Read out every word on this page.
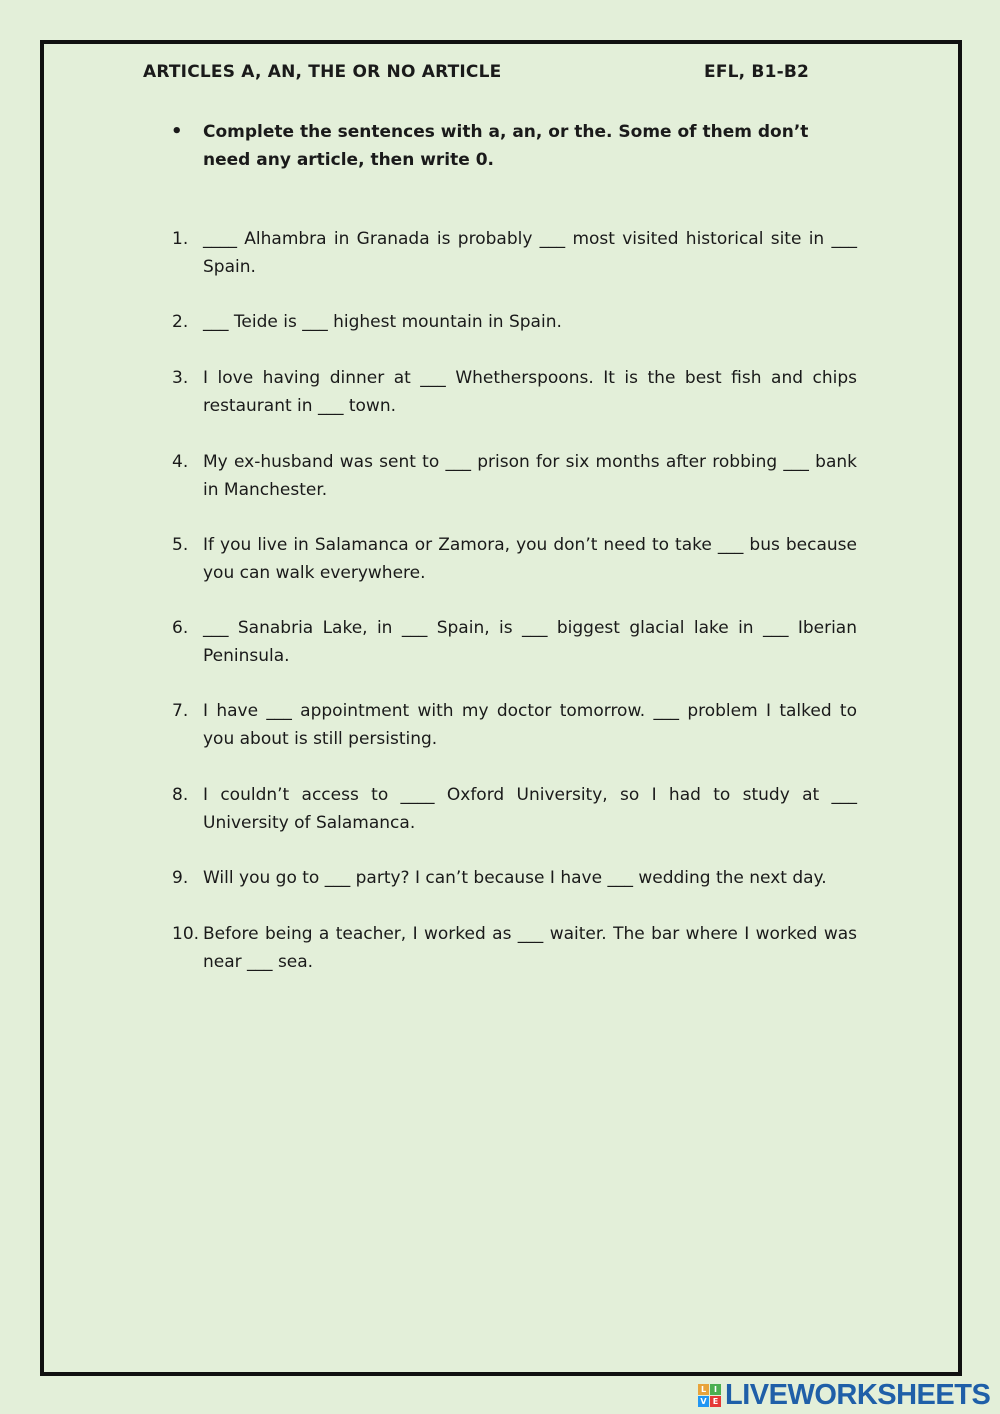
ARTICLES A, AN, THE OR NO ARTICLE	EFL, B1-B2
• Complete the sentences with a, an, or the. Some of them don’t need any article, then write 0.
1. ____ Alhambra in Granada is probably ___ most visited historical site in ___ Spain.
2. ___ Teide is ___ highest mountain in Spain.
3. I love having dinner at ___ Whetherspoons. It is the best fish and chips restaurant in ___ town.
4. My ex-husband was sent to ___ prison for six months after robbing ___ bank in Manchester.
5. If you live in Salamanca or Zamora, you don’t need to take ___ bus because you can walk everywhere.
6. ___ Sanabria Lake, in ___ Spain, is ___ biggest glacial lake in ___ Iberian Peninsula.
7. I have ___ appointment with my doctor tomorrow. ___ problem I talked to you about is still persisting.
8. I couldn’t access to ____ Oxford University, so I had to study at ___ University of Salamanca.
9. Will you go to ___ party? I can’t because I have ___ wedding the next day.
10. Before being a teacher, I worked as ___ waiter. The bar where I worked was near ___ sea.
L I
V E LIVEWORKSHEETS
